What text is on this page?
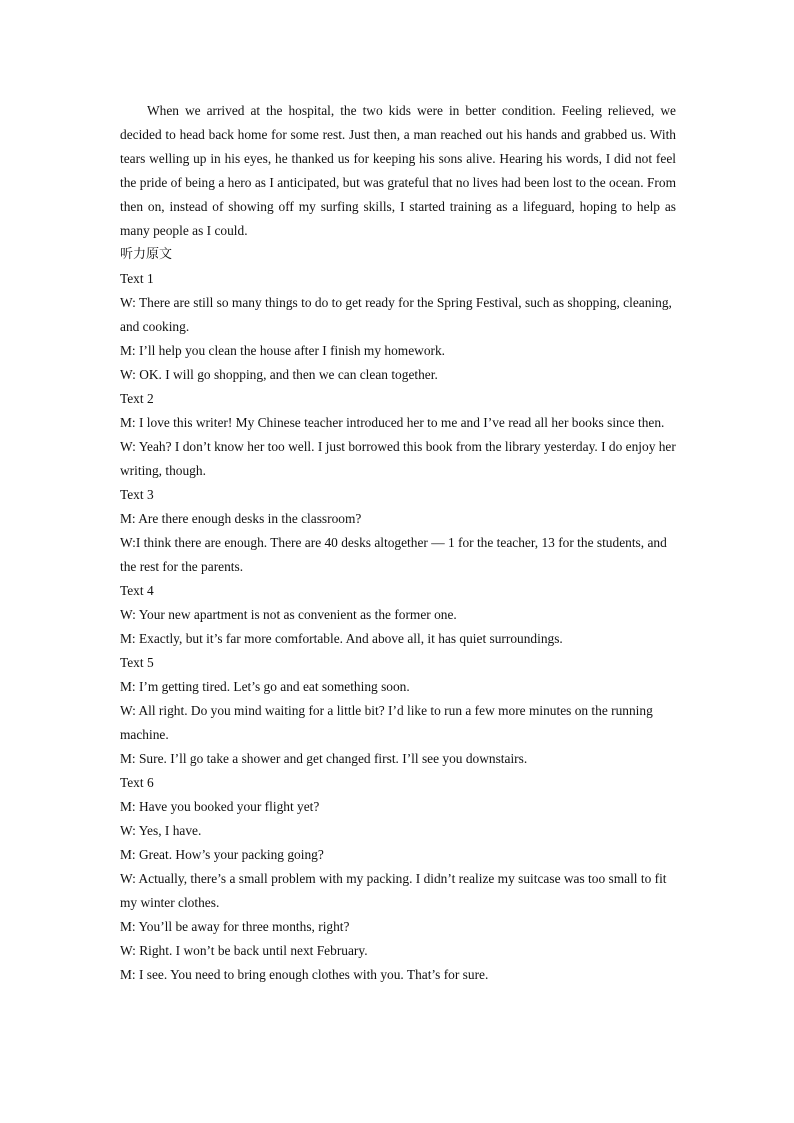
When we arrived at the hospital, the two kids were in better condition. Feeling relieved, we decided to head back home for some rest. Just then, a man reached out his hands and grabbed us. With tears welling up in his eyes, he thanked us for keeping his sons alive. Hearing his words, I did not feel the pride of being a hero as I anticipated, but was grateful that no lives had been lost to the ocean. From then on, instead of showing off my surfing skills, I started training as a lifeguard, hoping to help as many people as I could.

听力原文

Text 1

W: There are still so many things to do to get ready for the Spring Festival, such as shopping, cleaning, and cooking.

M: I’ll help you clean the house after I finish my homework.

W: OK. I will go shopping, and then we can clean together.

Text 2

M: I love this writer! My Chinese teacher introduced her to me and I’ve read all her books since then.

W: Yeah? I don’t know her too well. I just borrowed this book from the library yesterday. I do enjoy her writing, though.

Text 3

M: Are there enough desks in the classroom?

W:I think there are enough. There are 40 desks altogether — 1 for the teacher, 13 for the students, and the rest for the parents.

Text 4

W: Your new apartment is not as convenient as the former one.

M: Exactly, but it’s far more comfortable. And above all, it has quiet surroundings.

Text 5

M: I’m getting tired. Let’s go and eat something soon.

W: All right. Do you mind waiting for a little bit? I’d like to run a few more minutes on the running machine.

M: Sure. I’ll go take a shower and get changed first. I’ll see you downstairs.

Text 6

M: Have you booked your flight yet?

W: Yes, I have.

M: Great. How’s your packing going?

W: Actually, there’s a small problem with my packing. I didn’t realize my suitcase was too small to fit my winter clothes.

M: You’ll be away for three months, right?

W: Right. I won’t be back until next February.

M: I see. You need to bring enough clothes with you. That’s for sure.
